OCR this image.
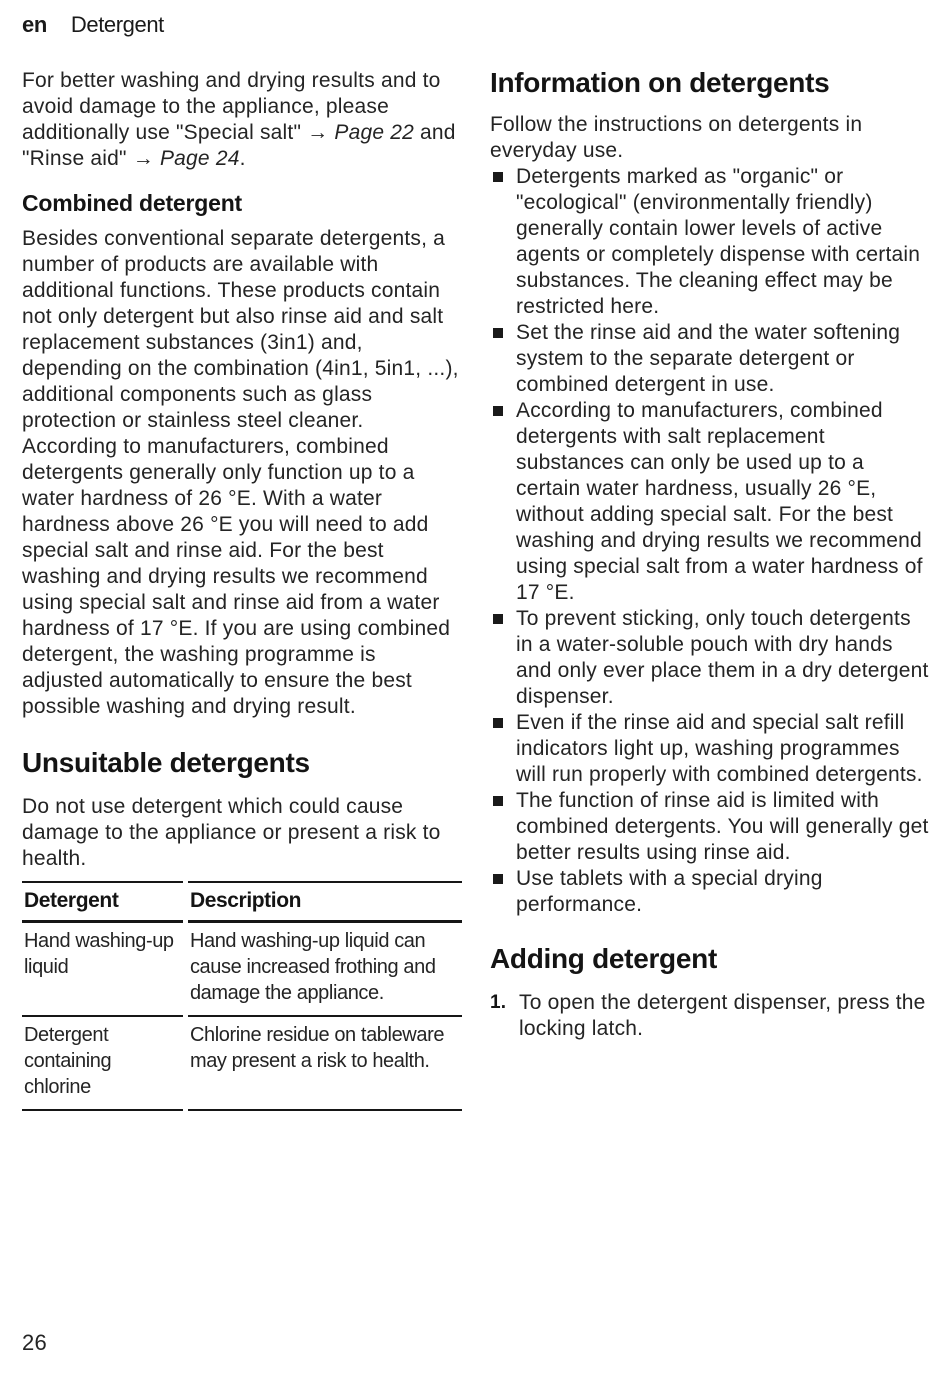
en Detergent

For better washing and drying results and to avoid damage to the appliance, please additionally use "Special salt" → Page 22 and "Rinse aid" → Page 24.

Combined detergent

Besides conventional separate detergents, a number of products are available with additional functions. These products contain not only detergent but also rinse aid and salt replacement substances (3in1) and, depending on the combination (4in1, 5in1, ...), additional components such as glass protection or stainless steel cleaner.

According to manufacturers, combined detergents generally only function up to a water hardness of 26 °E. With a water hardness above 26 °E you will need to add special salt and rinse aid. For the best washing and drying results we recommend using special salt and rinse aid from a water hardness of 17 °E. If you are using combined detergent, the washing programme is adjusted automatically to ensure the best possible washing and drying result.

Unsuitable detergents

Do not use detergent which could cause damage to the appliance or present a risk to health.

Detergent	Description
Hand washing-up liquid	Hand washing-up liquid can cause increased frothing and damage the appliance.
Detergent containing chlorine	Chlorine residue on tableware may present a risk to health.
Information on detergents

Follow the instructions on detergents in everyday use.

Detergents marked as "organic" or "ecological" (environmentally friendly) generally contain lower levels of active agents or completely dispense with certain substances. The cleaning effect may be restricted here.
Set the rinse aid and the water softening system to the separate detergent or combined detergent in use.
According to manufacturers, combined detergents with salt replacement substances can only be used up to a certain water hardness, usually 26 °E, without adding special salt. For the best washing and drying results we recommend using special salt from a water hardness of 17 °E.
To prevent sticking, only touch detergents in a water-soluble pouch with dry hands and only ever place them in a dry detergent dispenser.
Even if the rinse aid and special salt refill indicators light up, washing programmes will run properly with combined detergents.
The function of rinse aid is limited with combined detergents. You will generally get better results using rinse aid.
Use tablets with a special drying performance.
Adding detergent
1. To open the detergent dispenser, press the locking latch.
26
